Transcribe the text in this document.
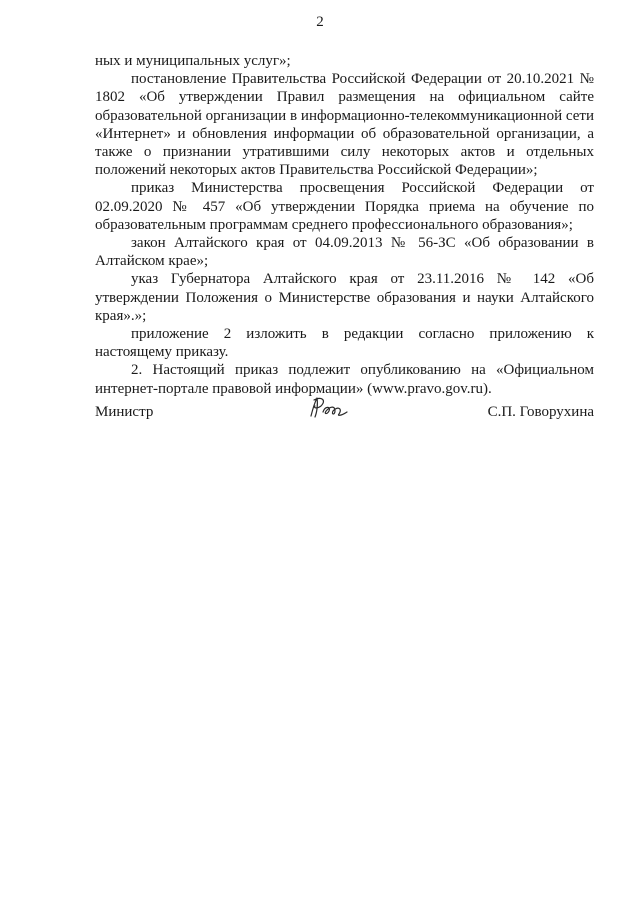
2

ных и муниципальных услуг»;

постановление Правительства Российской Федерации от 20.10.2021 № 1802 «Об утверждении Правил размещения на официальном сайте образовательной организации в информационно-телекоммуникационной сети «Интернет» и обновления информации об образовательной организации, а также о признании утратившими силу некоторых актов и отдельных положений некоторых актов Правительства Российской Федерации»;

приказ Министерства просвещения Российской Федерации от 02.09.2020 № 457 «Об утверждении Порядка приема на обучение по образовательным программам среднего профессионального образования»;

закон Алтайского края от 04.09.2013 № 56-ЗС «Об образовании в Алтайском крае»;

указ Губернатора Алтайского края от 23.11.2016 № 142 «Об утверждении Положения о Министерстве образования и науки Алтайского края».»;

приложение 2 изложить в редакции согласно приложению к настоящему приказу.

2. Настоящий приказ подлежит опубликованию на «Официальном интернет-портале правовой информации» (www.pravo.gov.ru).

Министр	С.П. Говорухина
